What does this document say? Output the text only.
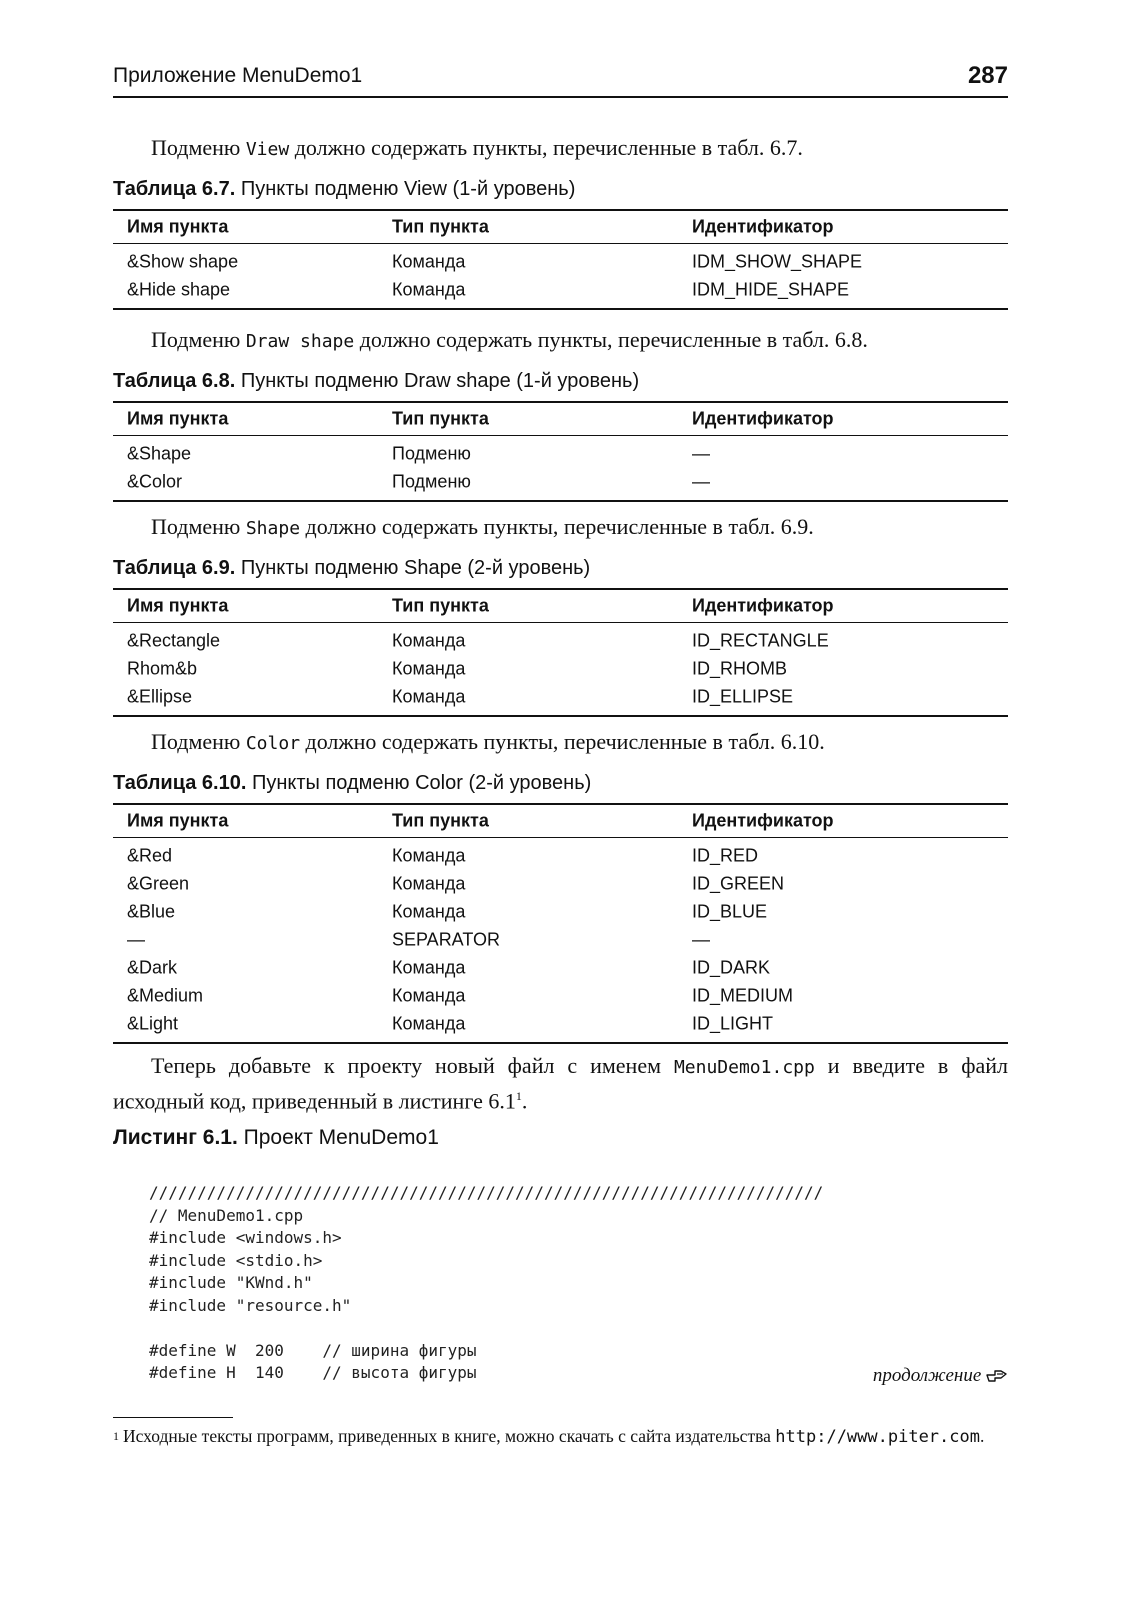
Приложение MenuDemo1	287

Подменю View должно содержать пункты, перечисленные в табл. 6.7.

Таблица 6.7. Пункты подменю View (1-й уровень)
Имя пункта	Тип пункта	Идентификатор
&Show shape	Команда	IDM_SHOW_SHAPE
&Hide shape	Команда	IDM_HIDE_SHAPE

Подменю Draw shape должно содержать пункты, перечисленные в табл. 6.8.

Таблица 6.8. Пункты подменю Draw shape (1-й уровень)
Имя пункта	Тип пункта	Идентификатор
&Shape	Подменю	—
&Color	Подменю	—

Подменю Shape должно содержать пункты, перечисленные в табл. 6.9.

Таблица 6.9. Пункты подменю Shape (2-й уровень)
Имя пункта	Тип пункта	Идентификатор
&Rectangle	Команда	ID_RECTANGLE
Rhom&b	Команда	ID_RHOMB
&Ellipse	Команда	ID_ELLIPSE

Подменю Color должно содержать пункты, перечисленные в табл. 6.10.

Таблица 6.10. Пункты подменю Color (2-й уровень)
Имя пункта	Тип пункта	Идентификатор
&Red	Команда	ID_RED
&Green	Команда	ID_GREEN
&Blue	Команда	ID_BLUE
—	SEPARATOR	—
&Dark	Команда	ID_DARK
&Medium	Команда	ID_MEDIUM
&Light	Команда	ID_LIGHT

Теперь добавьте к проекту новый файл с именем MenuDemo1.cpp и введите в файл исходный код, приведенный в листинге $6.1^1$.

Листинг 6.1. Проект MenuDemo1
//////////////////////////////////////////////////////////////////////
// MenuDemo1.cpp
#include <windows.h>
#include <stdio.h>
#include "KWnd.h"
#include "resource.h"
#define W  200    // ширина фигуры
#define H  140    // высота фигуры	продолжение
$^1$ Исходные тексты программ, приведенных в книге, можно скачать с сайта издательства http://www.piter.com.
